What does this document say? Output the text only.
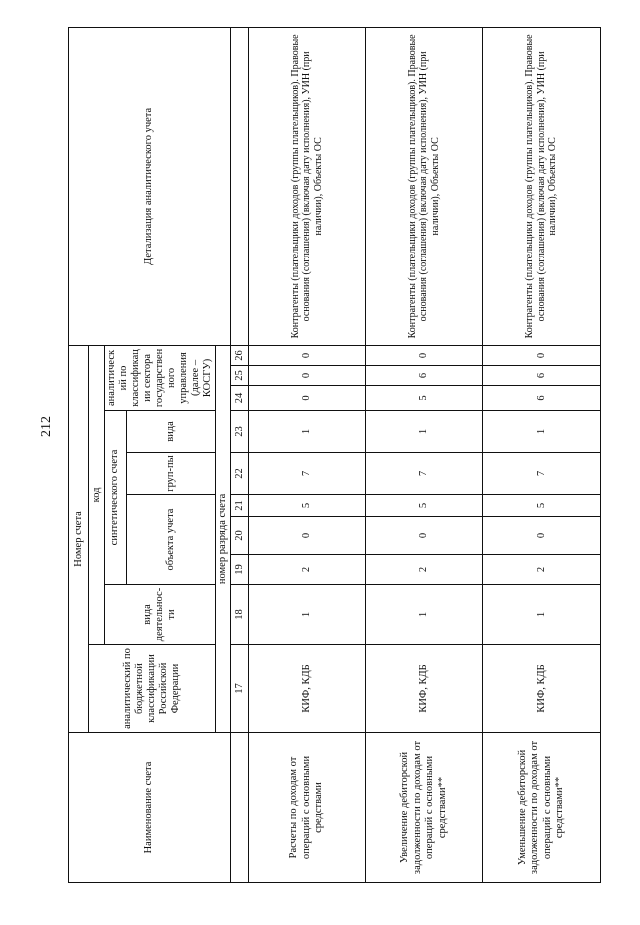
212
Наименование счета	Номер счета										Детализация аналитического учета
	аналитический по бюджетной классификации Российской Федерации	код									
		вида деятельнос-ти	синтетического счета					аналитический по классификации сектора государственного управления (далее – КОСГУ)			
			объекта учета			груп-пы	вида				
	номер разряда счета										
	17	18	19	20	21	22	23	24	25	26	
Расчеты по доходам от операций с основными средствами	КИФ, КДБ	1	2	0	5	7	1	0	0	0	Контрагенты (плательщики доходов (группы плательщиков). Правовые основания (соглашения) (включая дату исполнения), УИН (при наличии), Объекты ОС
Увеличение дебиторской задолженности по доходам от операций с основными средствами**	КИФ, КДБ	1	2	0	5	7	1	5	6	0	Контрагенты (плательщики доходов (группы плательщиков). Правовые основания (соглашения) (включая дату исполнения), УИН (при наличии), Объекты ОС
Уменьшение дебиторской задолженности по доходам от операций с основными средствами**	КИФ, КДБ	1	2	0	5	7	1	6	6	0	Контрагенты (плательщики доходов (группы плательщиков). Правовые основания (соглашения) (включая дату исполнения), УИН (при наличии), Объекты ОС
